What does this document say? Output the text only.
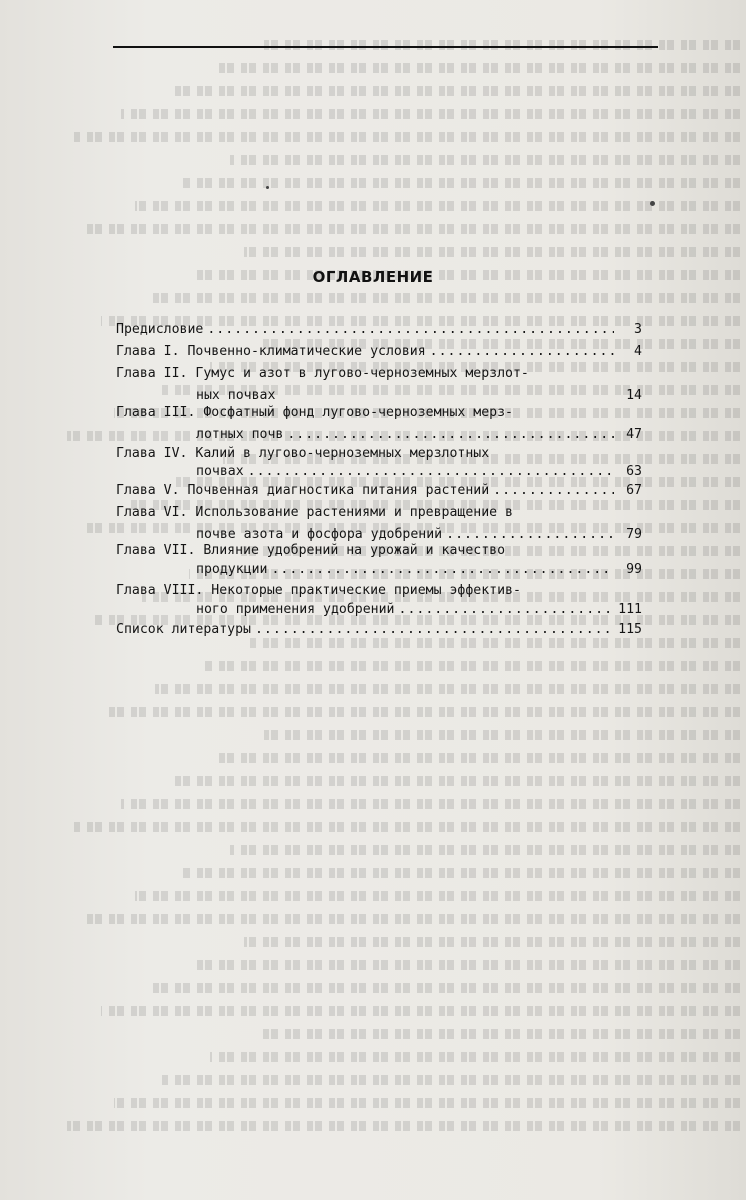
ОГЛАВЛЕНИЕ
Предисловие .....	3
Глава I. Почвенно-климатические условия .....	4
Глава II. Гумус и азот в лугово-черноземных мерзлот-
ных почвах	14
Глава III. Фосфатный фонд лугово-черноземных мерз-
лотных почв .....	47
Глава IV. Калий в лугово-черноземных мерзлотных
почвах .....	63
Глава V. Почвенная диагностика питания растений .....	67
Глава VI. Использование растениями и превращение в
почве азота и фосфора удобрений .....	79
Глава VII. Влияние удобрений на урожай и качество
продукции .....	99
Глава VIII. Некоторые практические приемы эффектив-
ного применения удобрений .....	111
Список литературы .....	115
